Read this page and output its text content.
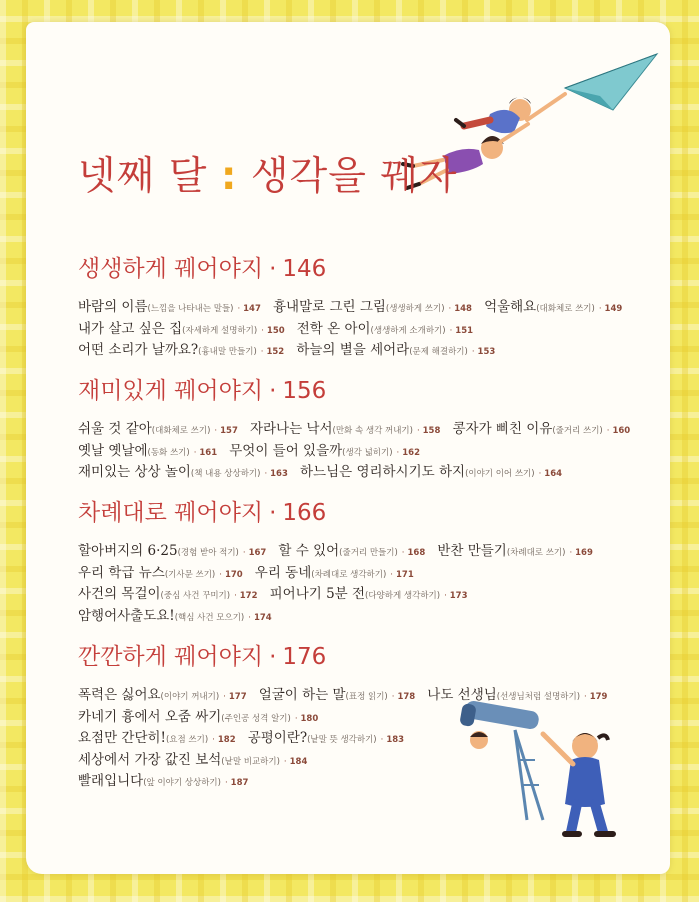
넷째 달 : 생각을 꿰자
생생하게 꿰어야지 · 146
바람의 이름(느낌을 나타내는 말들) · 147 흉내말로 그린 그림(생생하게 쓰기) · 148 억울해요(대화체로 쓰기) · 149
내가 살고 싶은 집(자세하게 설명하기) · 150 전학 온 아이(생생하게 소개하기) · 151
어떤 소리가 날까요?(흉내말 만들기) · 152 하늘의 별을 세어라(문제 해결하기) · 153
재미있게 꿰어야지 · 156
쉬울 것 같아(대화체로 쓰기) · 157 자라나는 낙서(만화 속 생각 꺼내기) · 158 콩자가 삐친 이유(줄거리 쓰기) · 160
옛날 옛날에(동화 쓰기) · 161 무엇이 들어 있을까(생각 넓히기) · 162
재미있는 상상 놀이(책 내용 상상하기) · 163 하느님은 영리하시기도 하지(이야기 이어 쓰기) · 164
차례대로 꿰어야지 · 166
할아버지의 6·25(경험 받아 적기) · 167 할 수 있어(줄거리 만들기) · 168 반찬 만들기(차례대로 쓰기) · 169
우리 학급 뉴스(기사문 쓰기) · 170 우리 동네(차례대로 생각하기) · 171
사건의 목걸이(중심 사건 꾸미기) · 172 피어나기 5분 전(다양하게 생각하기) · 173
암행어사출도요!(핵심 사건 모으기) · 174
깐깐하게 꿰어야지 · 176
폭력은 싫어요(이야기 꺼내기) · 177 얼굴이 하는 말(표정 읽기) · 178 나도 선생님(선생님처럼 설명하기) · 179
카네기 흉에서 오줌 싸기(주인공 성격 알기) · 180
요점만 간단히!(요점 쓰기) · 182 공평이란?(낱말 뜻 생각하기) · 183
세상에서 가장 값진 보석(낱말 비교하기) · 184
빨래입니다(앞 이야기 상상하기) · 187
